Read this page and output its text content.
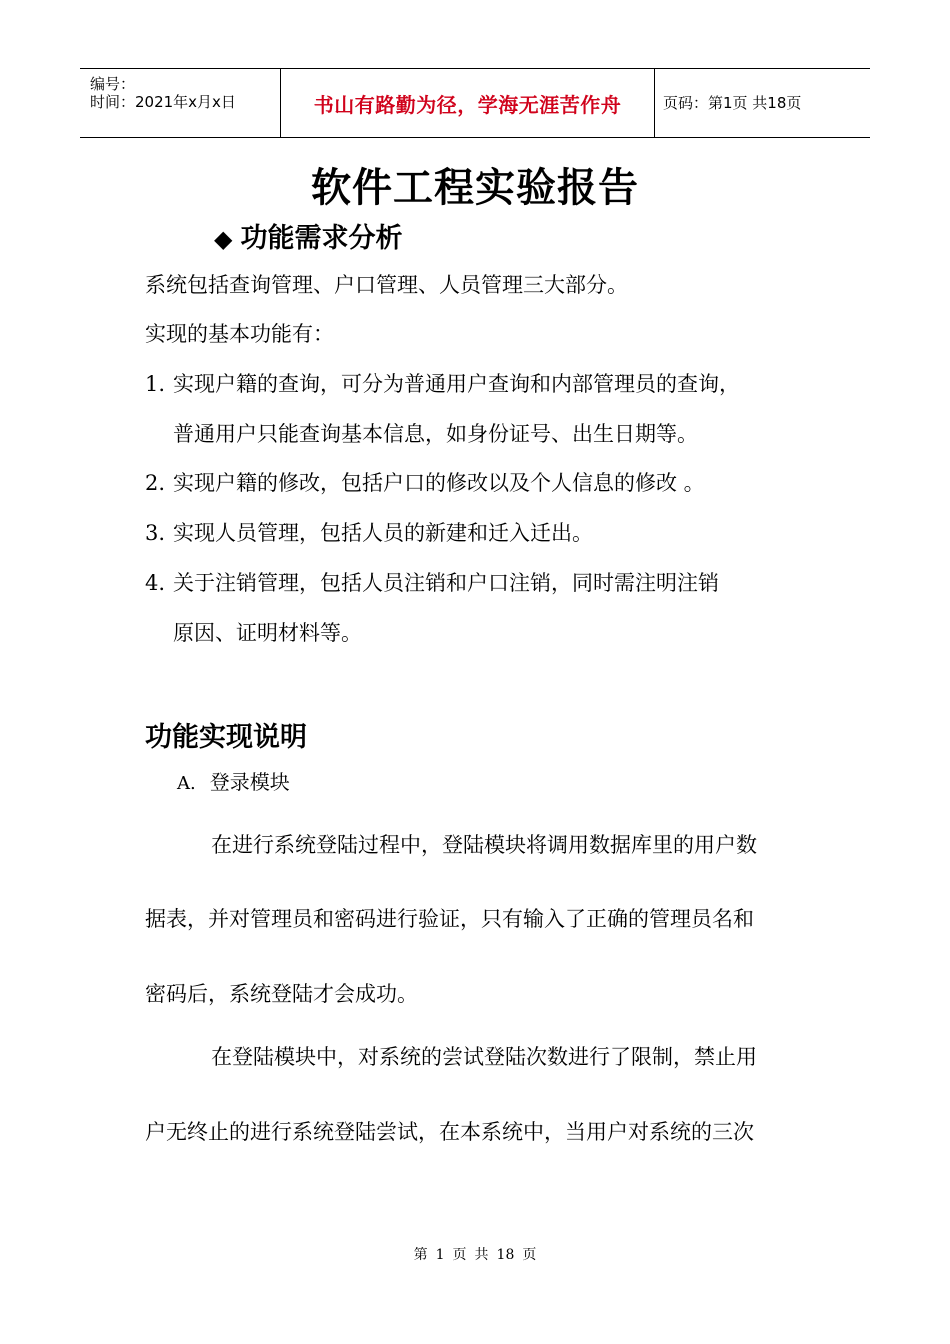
编号：
时间：2021年x月x日	书山有路勤为径，学海无涯苦作舟	页码：第1页 共18页
软件工程实验报告
◆ 功能需求分析
系统包括查询管理、户口管理、人员管理三大部分。
实现的基本功能有：
1. 实现户籍的查询，可分为普通用户查询和内部管理员的查询，
普通用户只能查询基本信息，如身份证号、出生日期等。
2. 实现户籍的修改，包括户口的修改以及个人信息的修改 。
3. 实现人员管理，包括人员的新建和迁入迁出。
4. 关于注销管理，包括人员注销和户口注销，同时需注明注销
原因、证明材料等。
功能实现说明
A. 登录模块
在进行系统登陆过程中，登陆模块将调用数据库里的用户数
据表，并对管理员和密码进行验证，只有输入了正确的管理员名和
密码后，系统登陆才会成功。
在登陆模块中，对系统的尝试登陆次数进行了限制，禁止用
户无终止的进行系统登陆尝试，在本系统中，当用户对系统的三次
第 1 页 共 18 页
